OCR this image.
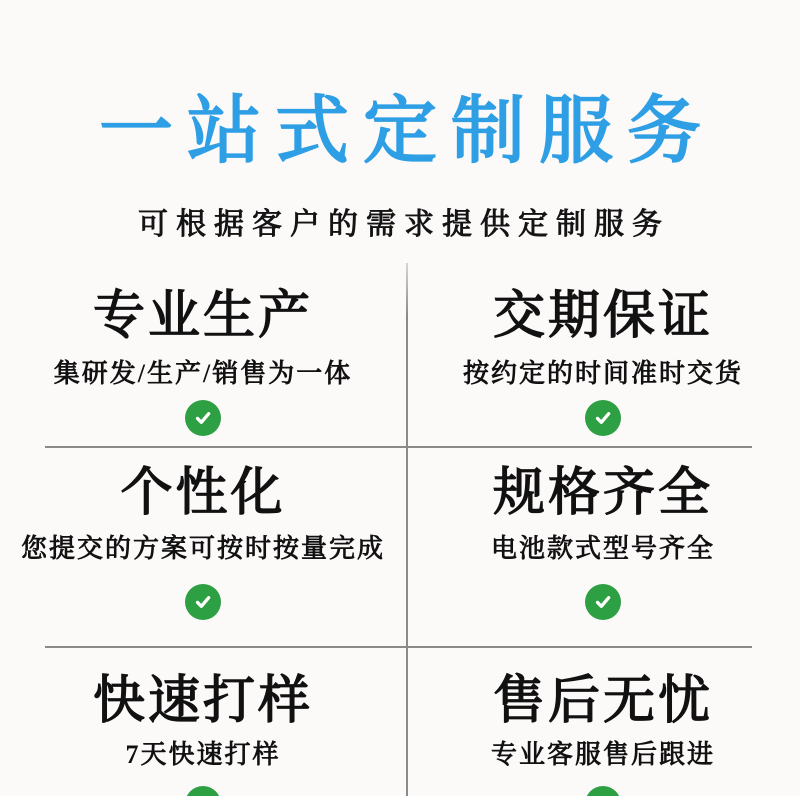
一站式定制服务
可根据客户的需求提供定制服务
专业生产
集研发/生产/销售为一体
交期保证
按约定的时间准时交货
个性化
您提交的方案可按时按量完成
规格齐全
电池款式型号齐全
快速打样
7天快速打样
售后无忧
专业客服售后跟进
